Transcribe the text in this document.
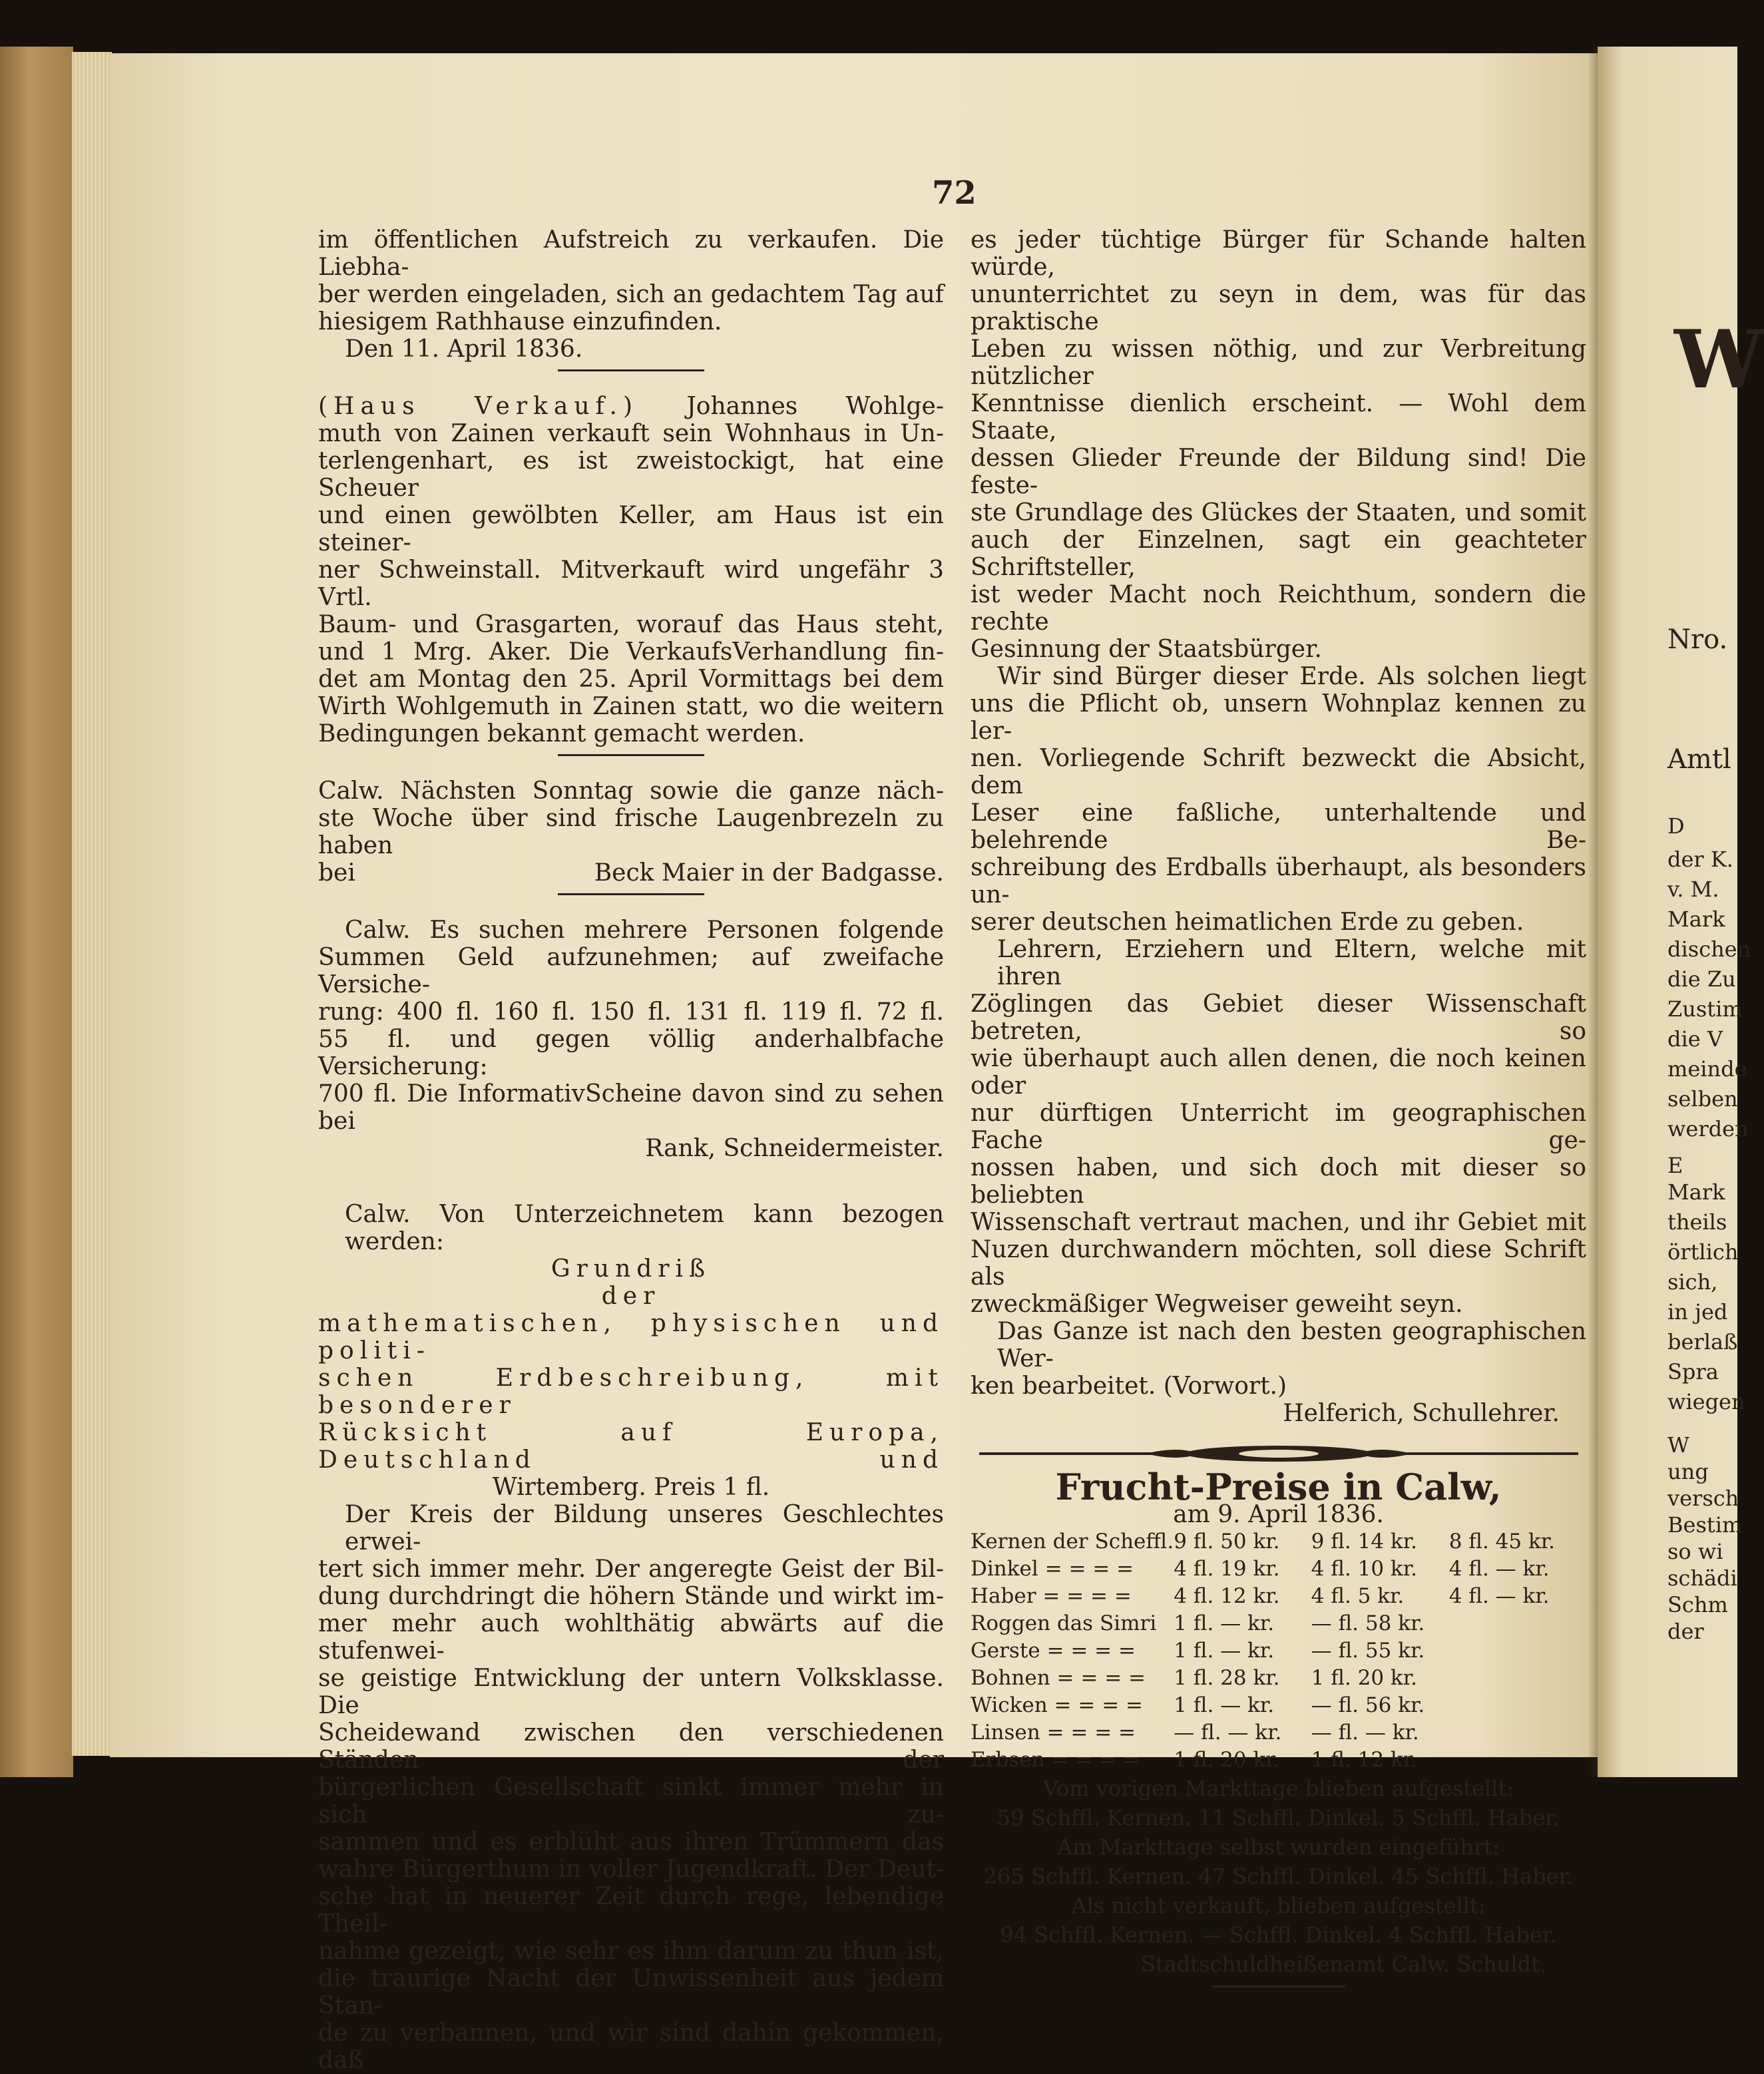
72

im öffentlichen Aufstreich zu verkaufen. Die Liebha-

ber werden eingeladen, sich an gedachtem Tag auf

hiesigem Rathhause einzufinden.

Den 11. April 1836.

(Haus Verkauf.) Johannes Wohlge-

muth von Zainen verkauft sein Wohnhaus in Un-

terlengenhart, es ist zweistockigt, hat eine Scheuer

und einen gewölbten Keller, am Haus ist ein steiner-

ner Schweinstall. Mitverkauft wird ungefähr 3 Vrtl.

Baum- und Grasgarten, worauf das Haus steht,

und 1 Mrg. Aker. Die VerkaufsVerhandlung fin-

det am Montag den 25. April Vormittags bei dem

Wirth Wohlgemuth in Zainen statt, wo die weitern

Bedingungen bekannt gemacht werden.

Calw. Nächsten Sonntag sowie die ganze näch-

ste Woche über sind frische Laugenbrezeln zu haben

bei	Beck Maier in der Badgasse.

Calw. Es suchen mehrere Personen folgende

Summen Geld aufzunehmen; auf zweifache Versiche-

rung: 400 fl. 160 fl. 150 fl. 131 fl. 119 fl. 72 fl.

55 fl. und gegen völlig anderhalbfache Versicherung:

700 fl. Die InformativScheine davon sind zu sehen

bei

Rank, Schneidermeister.

Calw. Von Unterzeichnetem kann bezogen werden:

Grundriß

der

mathematischen, physischen und politi-

schen Erdbeschreibung, mit besonderer

Rücksicht auf Europa, Deutschland und

Wirtemberg. Preis 1 fl.

Der Kreis der Bildung unseres Geschlechtes erwei-

tert sich immer mehr. Der angeregte Geist der Bil-

dung durchdringt die höhern Stände und wirkt im-

mer mehr auch wohlthätig abwärts auf die stufenwei-

se geistige Entwicklung der untern Volksklasse. Die

Scheidewand zwischen den verschiedenen Ständen der

bürgerlichen Gesellschaft sinkt immer mehr in sich zu-

sammen und es erblüht aus ihren Trümmern das

wahre Bürgerthum in voller Jugendkraft. Der Deut-

sche hat in neuerer Zeit durch rege, lebendige Theil-

nahme gezeigt, wie sehr es ihm darum zu thun ist,

die traurige Nacht der Unwissenheit aus jedem Stan-

de zu verbannen, und wir sind dahin gekommen, daß

es jeder tüchtige Bürger für Schande halten würde,

ununterrichtet zu seyn in dem, was für das praktische

Leben zu wissen nöthig, und zur Verbreitung nützlicher

Kenntnisse dienlich erscheint. — Wohl dem Staate,

dessen Glieder Freunde der Bildung sind! Die feste-

ste Grundlage des Glückes der Staaten, und somit

auch der Einzelnen, sagt ein geachteter Schriftsteller,

ist weder Macht noch Reichthum, sondern die rechte

Gesinnung der Staatsbürger.

Wir sind Bürger dieser Erde. Als solchen liegt

uns die Pflicht ob, unsern Wohnplaz kennen zu ler-

nen. Vorliegende Schrift bezweckt die Absicht, dem

Leser eine faßliche, unterhaltende und belehrende Be-

schreibung des Erdballs überhaupt, als besonders un-

serer deutschen heimatlichen Erde zu geben.

Lehrern, Erziehern und Eltern, welche mit ihren

Zöglingen das Gebiet dieser Wissenschaft betreten, so

wie überhaupt auch allen denen, die noch keinen oder

nur dürftigen Unterricht im geographischen Fache ge-

nossen haben, und sich doch mit dieser so beliebten

Wissenschaft vertraut machen, und ihr Gebiet mit

Nuzen durchwandern möchten, soll diese Schrift als

zweckmäßiger Wegweiser geweiht seyn.

Das Ganze ist nach den besten geographischen Wer-

ken bearbeitet. (Vorwort.)

Helferich, Schullehrer.

Frucht-Preise in Calw,
am 9. April 1836.
Kernen der Scheffl.	9 fl. 50 kr.	9 fl. 14 kr.	8 fl. 45 kr.
Dinkel = = = =	4 fl. 19 kr.	4 fl. 10 kr.	4 fl. — kr.
Haber = = = =	4 fl. 12 kr.	4 fl. 5 kr.	4 fl. — kr.
Roggen das Simri	1 fl. — kr.	— fl. 58 kr.	
Gerste = = = =	1 fl. — kr.	— fl. 55 kr.	
Bohnen = = = =	1 fl. 28 kr.	1 fl. 20 kr.	
Wicken = = = =	1 fl. — kr.	— fl. 56 kr.	
Linsen = = = =	— fl. — kr.	— fl. — kr.	
Erbsen = = = =	1 fl. 20 kr.	1 fl. 12 kr.	

Vom vorigen Markttage blieben aufgestellt:

59 Schffl. Kernen. 11 Schffl. Dinkel. 5 Schffl. Haber.

Am Markttage selbst wurden eingeführt:

265 Schffl. Kernen. 47 Schffl. Dinkel. 45 Schffl. Haber.

Als nicht verkauft, blieben aufgestellt:

94 Schffl. Kernen. — Schffl. Dinkel. 4 Schffl. Haber.

Stadtschuldheißenamt Calw. Schuldt.

W
Nro.
Amtl
D
der K.
v. M.
Mark
dischen
die Zu
Zustim
die V
meinde
selben
werden
E
Mark
theils
örtlich
sich,
in jed
berlaß
Spra
wiegen
W
ung
versch
Bestim
so wi
schädi
Schm
der
